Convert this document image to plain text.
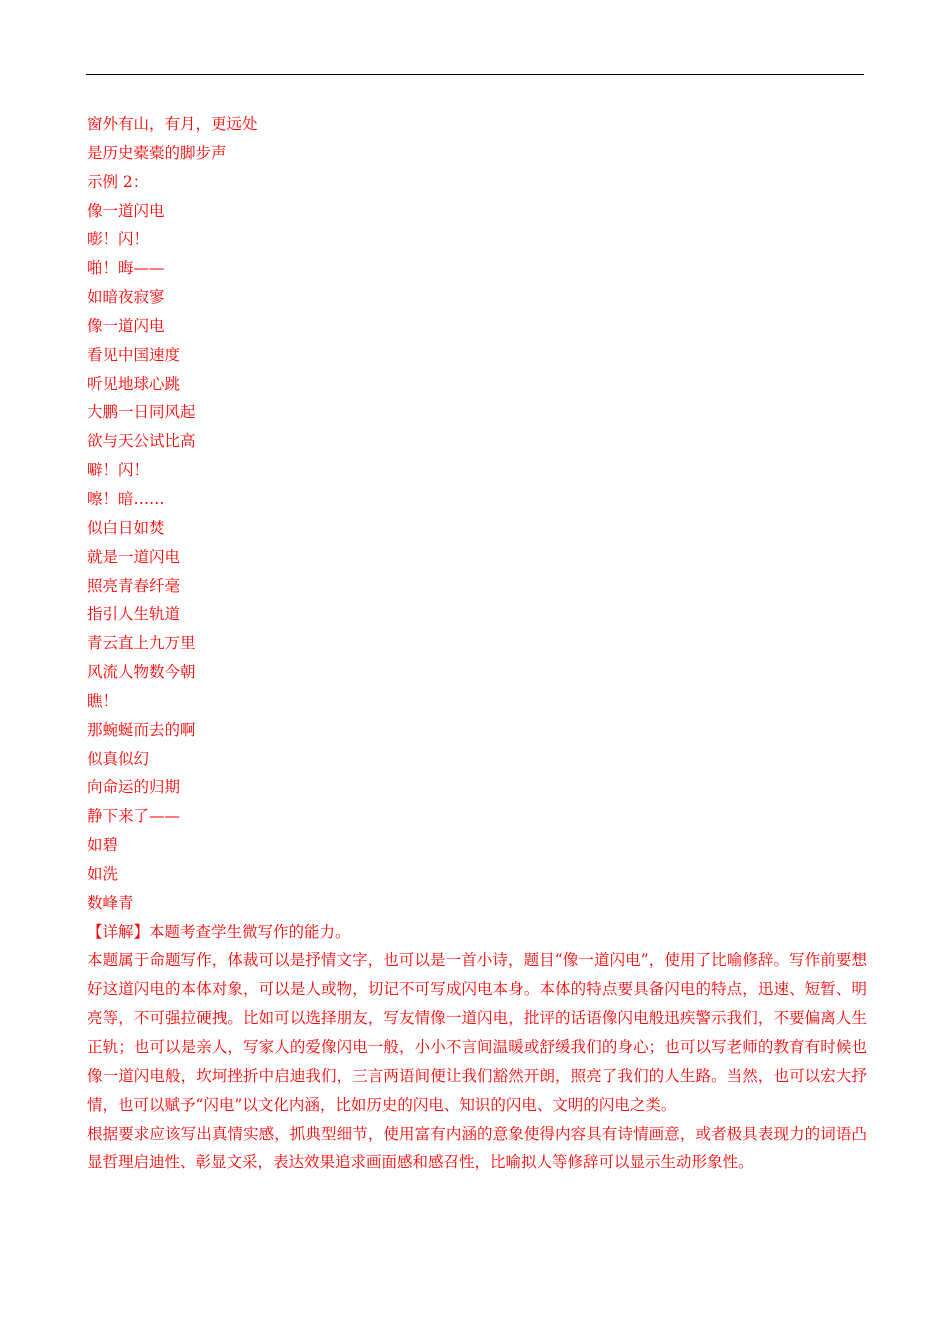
窗外有山，有月，更远处
是历史橐橐的脚步声
示例 2：
像一道闪电
嘭！闪！
啪！晦——
如暗夜寂寥
像一道闪电
看见中国速度
听见地球心跳
大鹏一日同风起
欲与天公试比高
噼！闪！
嚓！暗……
似白日如焚
就是一道闪电
照亮青春纤毫
指引人生轨道
青云直上九万里
风流人物数今朝
瞧！
那蜿蜒而去的啊
似真似幻
向命运的归期
静下来了——
如碧
如洗
数峰青
【详解】本题考查学生微写作的能力。

本题属于命题写作，体裁可以是抒情文字，也可以是一首小诗，题目“像一道闪电”，使用了比喻修辞。写作前要想好这道闪电的本体对象，可以是人或物，切记不可写成闪电本身。本体的特点要具备闪电的特点，迅速、短暂、明亮等，不可强拉硬拽。比如可以选择朋友，写友情像一道闪电，批评的话语像闪电般迅疾警示我们，不要偏离人生正轨；也可以是亲人，写家人的爱像闪电一般，小小不言间温暖或舒缓我们的身心；也可以写老师的教育有时候也像一道闪电般，坎坷挫折中启迪我们，三言两语间便让我们豁然开朗，照亮了我们的人生路。当然，也可以宏大抒情，也可以赋予“闪电”以文化内涵，比如历史的闪电、知识的闪电、文明的闪电之类。

根据要求应该写出真情实感，抓典型细节，使用富有内涵的意象使得内容具有诗情画意，或者极具表现力的词语凸显哲理启迪性、彰显文采，表达效果追求画面感和感召性，比喻拟人等修辞可以显示生动形象性。
